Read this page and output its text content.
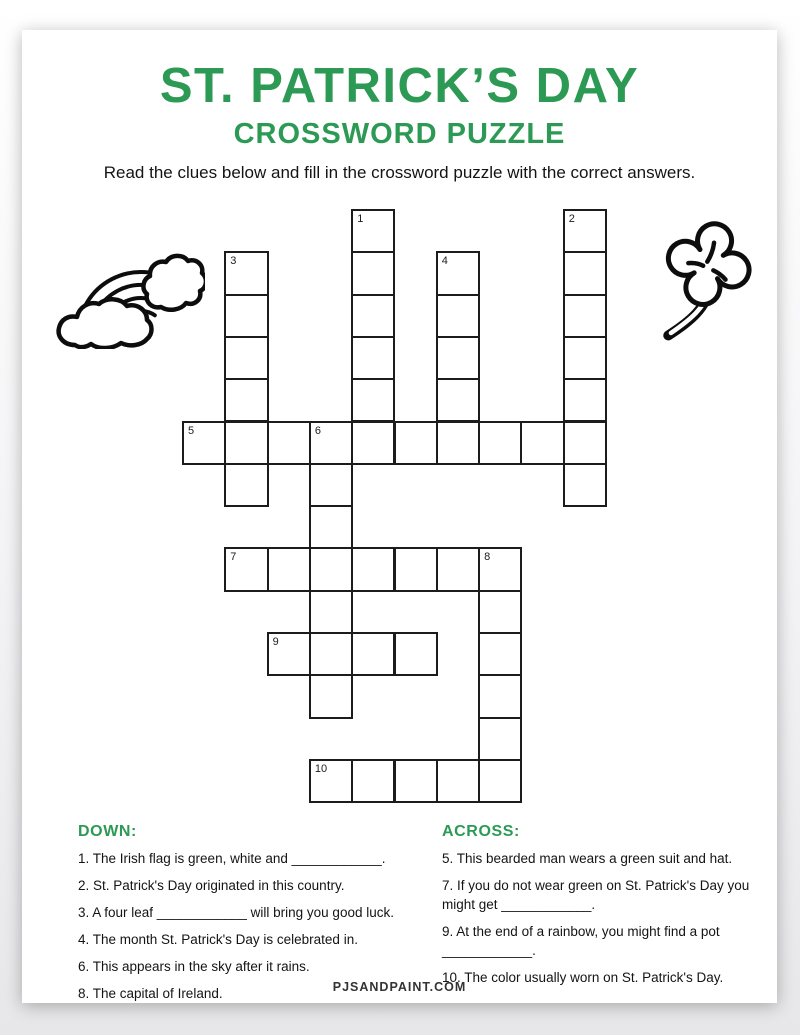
ST. PATRICK’S DAY
CROSSWORD PUZZLE
Read the clues below and fill in the crossword puzzle with the correct answers.
1	2
3	4
5	6
7	8
9
10

DOWN:

1. The Irish flag is green, white and ____________.

2. St. Patrick's Day originated in this country.

3. A four leaf ____________ will bring you good luck.

4. The month St. Patrick's Day is celebrated in.

6. This appears in the sky after it rains.

8. The capital of Ireland.

ACROSS:

5. This bearded man wears a green suit and hat.

7. If you do not wear green on St. Patrick's Day you might get ____________.

9. At the end of a rainbow, you might find a pot ____________.

10. The color usually worn on St. Patrick's Day.

PJSANDPAINT.COM
